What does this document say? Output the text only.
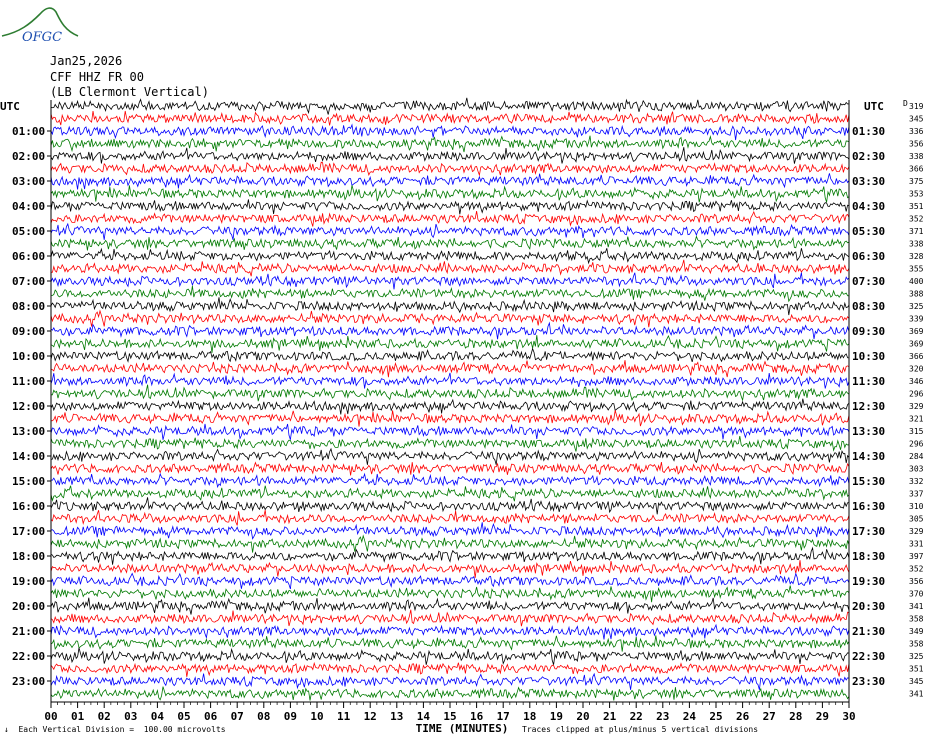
OFGC
Jan25,2026
CFF HHZ FR 00
(LB Clermont Vertical)
UTC	UTC
01:00
02:00
03:00
04:00
05:00
06:00
07:00
08:00
09:00
10:00
11:00
12:00
13:00
14:00
15:00
16:00
17:00
18:00
19:00
20:00
21:00
22:00
23:00
01:30
02:30
03:30
04:30
05:30
06:30
07:30
08:30
09:30
10:30
11:30
12:30
13:30
14:30
15:30
16:30
17:30
18:30
19:30
20:30
21:30
22:30
23:30
D 319
345
336
356
338
366
375
353
351
352
371
338
328
355
400
388
325
339
369
369
366
320
346
296
329
321
315
296
284
303
332
337
310
305
329
331
397
352
356
370
341
358
349
358
325
351
345
341
00 01 02 03 04 05 06 07 08 09 10 11 12 13 14 15 16 17 18 19 20 21 22 23 24 25 26 27 28 29 30
TIME (MINUTES)
↓ Each Vertical Division =  100.00 microvolts	Traces clipped at plus/minus 5 vertical divisions
